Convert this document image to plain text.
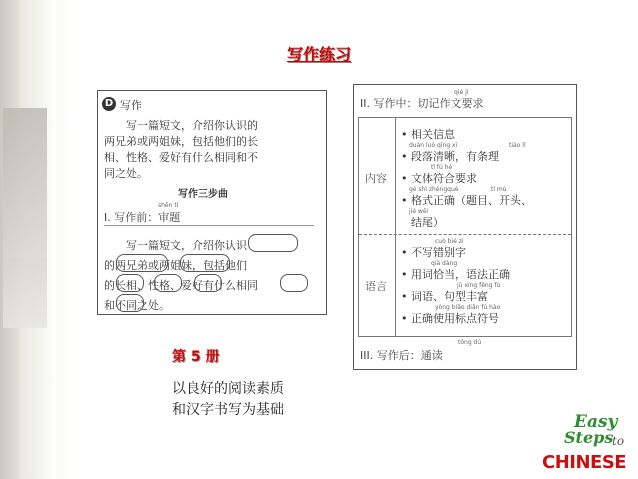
写作练习
D 写作
写一篇短文，介绍你认识的
两兄弟或两姐妹，包括他们的长
相、性格、爱好有什么相同和不
同之处。
写作三步曲
shěn tí
I. 写作前：审题
写一篇短文，介绍你认识
的两兄弟或两姐妹，包括他们
的长相、性格、爱好有什么相同
和不同之处。
qiè jì
II. 写作中：切记作文要求
内容
语言
• 相关信息
duàn luò qīng xī	tiáo lǐ
• 段落清晰，有条理
tǐ fú hé
• 文体符合要求
gé shì zhèngquè	tí mù
• 格式正确（题目、开头、
jié wěi
结尾）
cuò bié zì
• 不写错别字
qià dàng
• 用词恰当，语法正确
jù xíng fēng fù
• 词语、句型丰富
yòng biāo diǎn fú hào
• 正确使用标点符号
tōng dú
III. 写作后：通读
第 5 册
以良好的阅读素质
和汉字书写为基础
Easy
Steps
to
CHINESE
